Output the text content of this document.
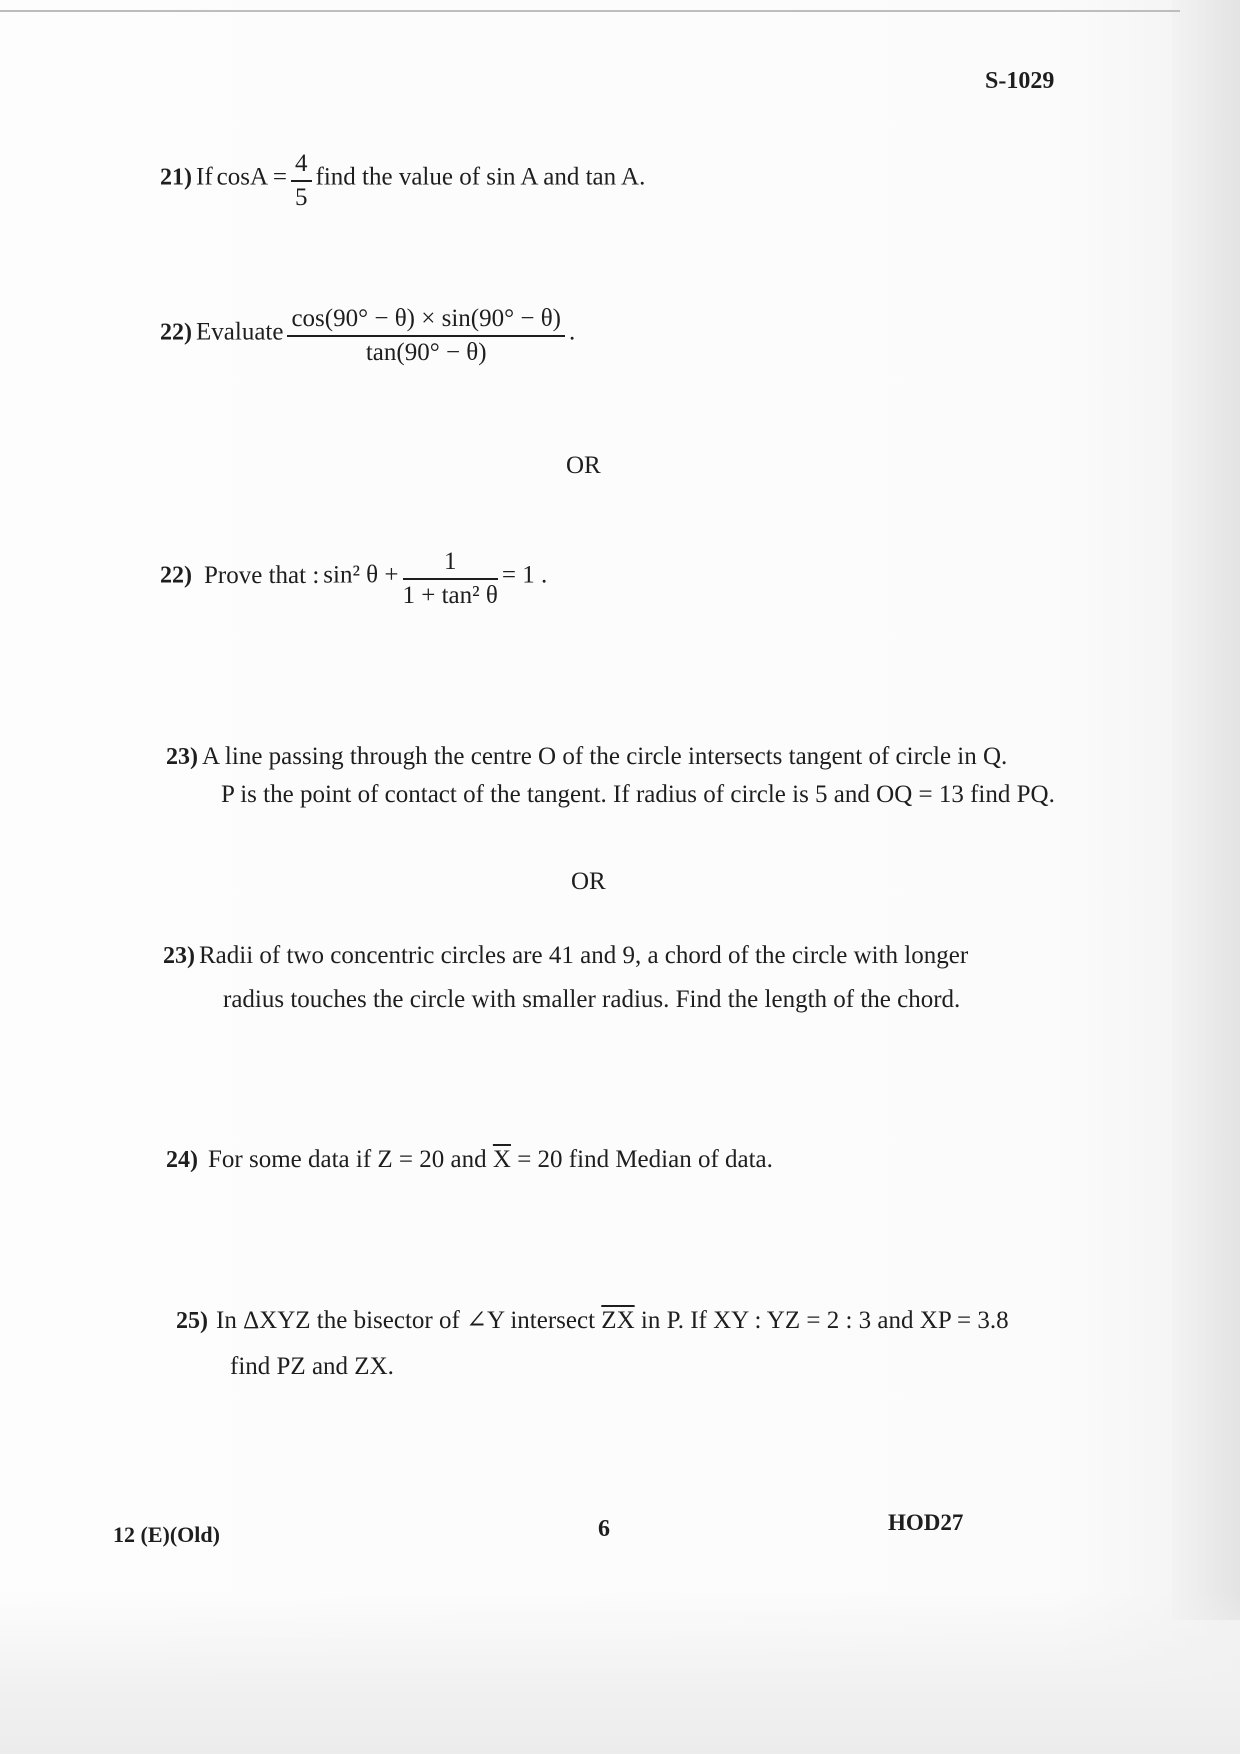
S-1029
21) If $\cos A = \frac{4}{5}$ find the value of sin A and tan A.
22) Evaluate $\frac{\cos(90^\circ - \theta) \times \sin(90^\circ - \theta)}{\tan(90^\circ - \theta)}$ .
OR
22) Prove that : sin² $\theta + \frac{1}{\text{1 + tan² θ}} = 1$ .
23) A line passing through the centre O of the circle intersects tangent of circle in Q.
P is the point of contact of the tangent. If radius of circle is 5 and OQ = 13 find PQ.
OR
23) Radii of two concentric circles are 41 and 9, a chord of the circle with longer
radius touches the circle with smaller radius. Find the length of the chord.
24) For some data if Z = 20 and $\overline{X} = 20$ find Median of data.
25) In ΔXYZ the bisector of ∠Y intersect $\overline{ZX}$ in P. If XY : YZ = 2 : 3 and XP = 3.8
find PZ and ZX.
12 (E)(Old)	6	HOD27
